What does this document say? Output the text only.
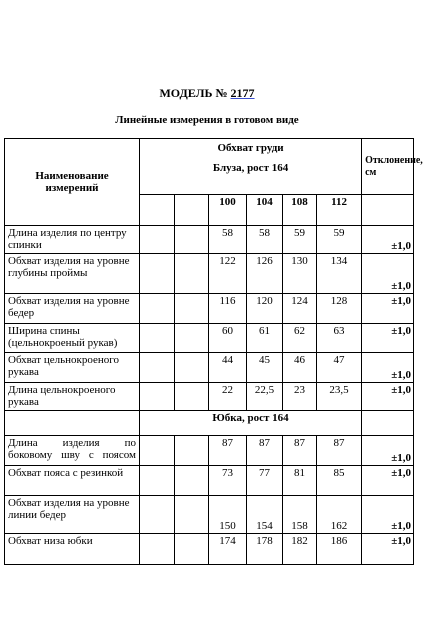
МОДЕЛЬ № 2177
Линейные измерения в готовом виде
Наименование измерений	Обхват груди
Блуза, рост 164						Отклонение, см
			100	104	108	112	
Длина изделия по центру спинки			58	58	59	59	±1,0
Обхват изделия на уровне глубины проймы			122	126	130	134	±1,0
Обхват изделия на уровне бедер			116	120	124	128	±1,0
Ширина спины (цельнокроеный рукав)			60	61	62	63	±1,0
Обхват цельнокроеного рукава			44	45	46	47	±1,0
Длина цельнокроеного рукава			22	22,5	23	23,5	±1,0
	Юбка, рост 164						
Длина изделия по боковому шву с поясом			87	87	87	87	±1,0
Обхват пояса с резинкой			73	77	81	85	±1,0
Обхват изделия на уровне линии бедер			150	154	158	162	±1,0
Обхват низа юбки			174	178	182	186	±1,0
